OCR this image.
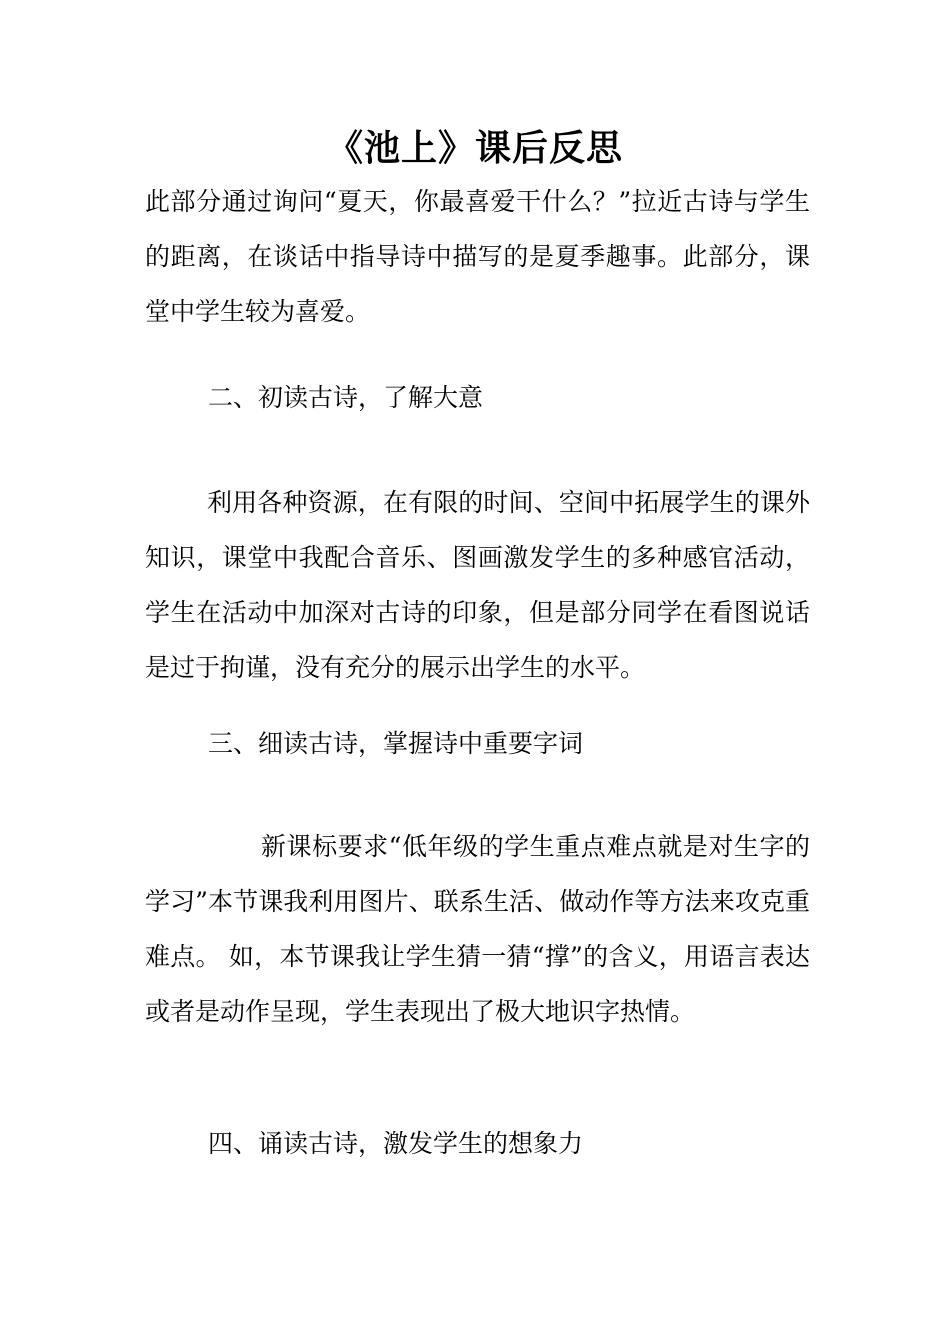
《池上》课后反思

此部分通过询问“夏天，你最喜爱干什么？”拉近古诗与学生的距离，在谈话中指导诗中描写的是夏季趣事。此部分，课堂中学生较为喜爱。

二、初读古诗，了解大意

利用各种资源，在有限的时间、空间中拓展学生的课外知识，课堂中我配合音乐、图画激发学生的多种感官活动，学生在活动中加深对古诗的印象，但是部分同学在看图说话是过于拘谨，没有充分的展示出学生的水平。

三、细读古诗，掌握诗中重要字词

新课标要求“低年级的学生重点难点就是对生字的学习”本节课我利用图片、联系生活、做动作等方法来攻克重难点。 如，本节课我让学生猜一猜“撑”的含义，用语言表达或者是动作呈现，学生表现出了极大地识字热情。

四、诵读古诗，激发学生的想象力
